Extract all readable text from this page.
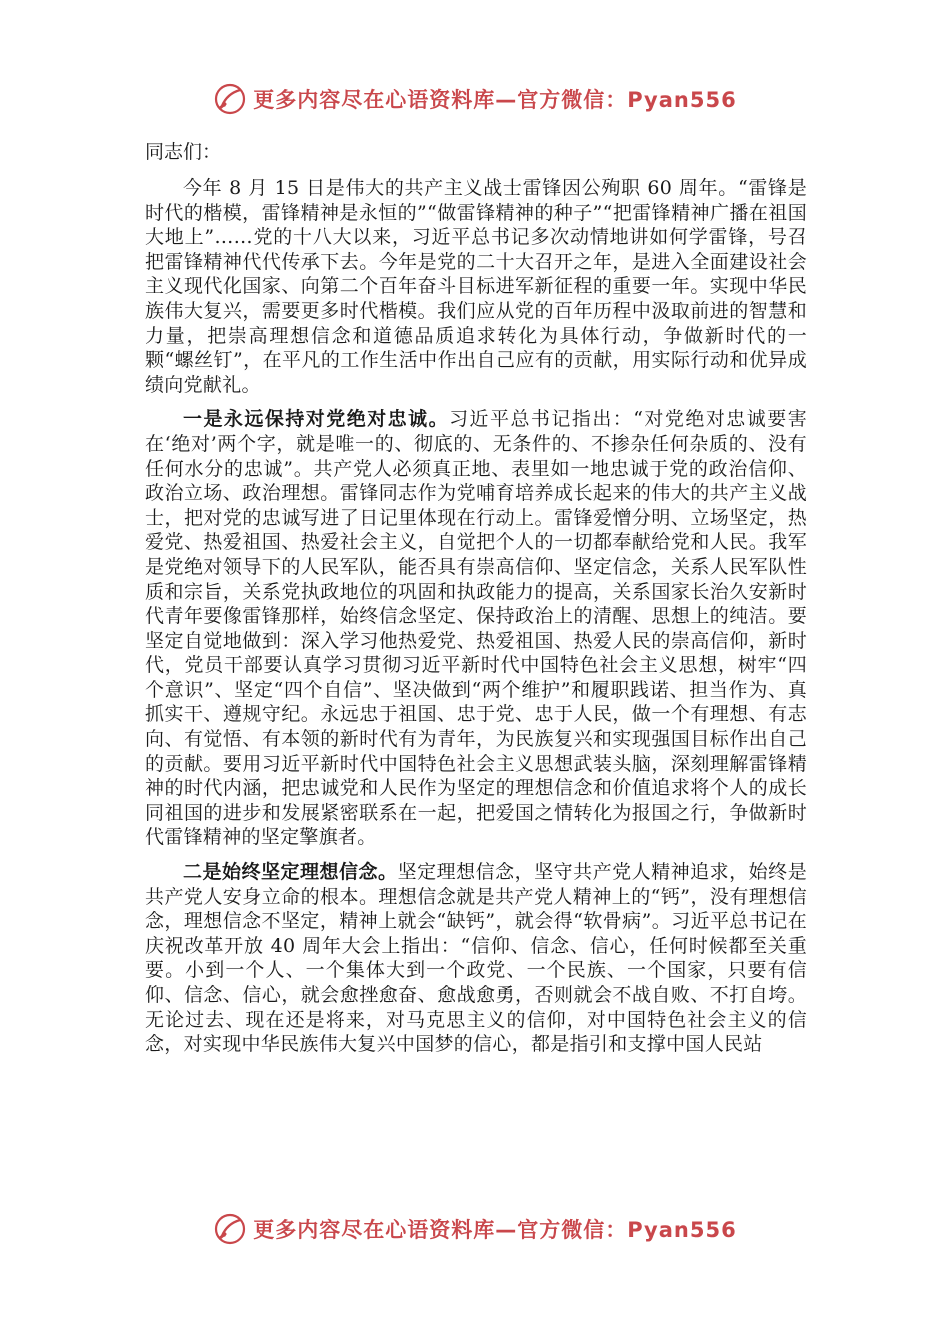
更多内容尽在心语资料库—官方微信：Pyan556
同志们：

今年 8 月 15 日是伟大的共产主义战士雷锋因公殉职 60 周年。“雷锋是时代的楷模，雷锋精神是永恒的”“做雷锋精神的种子”“把雷锋精神广播在祖国大地上”……党的十八大以来，习近平总书记多次动情地讲如何学雷锋，号召把雷锋精神代代传承下去。今年是党的二十大召开之年，是进入全面建设社会主义现代化国家、向第二个百年奋斗目标进军新征程的重要一年。实现中华民族伟大复兴，需要更多时代楷模。我们应从党的百年历程中汲取前进的智慧和力量，把崇高理想信念和道德品质追求转化为具体行动，争做新时代的一颗“螺丝钉”，在平凡的工作生活中作出自己应有的贡献，用实际行动和优异成绩向党献礼。

一是永远保持对党绝对忠诚。习近平总书记指出：“对党绝对忠诚要害在‘绝对’两个字，就是唯一的、彻底的、无条件的、不掺杂任何杂质的、没有任何水分的忠诚”。共产党人必须真正地、表里如一地忠诚于党的政治信仰、政治立场、政治理想。雷锋同志作为党哺育培养成长起来的伟大的共产主义战士，把对党的忠诚写进了日记里体现在行动上。雷锋爱憎分明、立场坚定，热爱党、热爱祖国、热爱社会主义，自觉把个人的一切都奉献给党和人民。我军是党绝对领导下的人民军队，能否具有崇高信仰、坚定信念，关系人民军队性质和宗旨，关系党执政地位的巩固和执政能力的提高，关系国家长治久安新时代青年要像雷锋那样，始终信念坚定、保持政治上的清醒、思想上的纯洁。要坚定自觉地做到：深入学习他热爱党、热爱祖国、热爱人民的崇高信仰，新时代，党员干部要认真学习贯彻习近平新时代中国特色社会主义思想，树牢“四个意识”、坚定“四个自信”、坚决做到“两个维护”和履职践诺、担当作为、真抓实干、遵规守纪。永远忠于祖国、忠于党、忠于人民，做一个有理想、有志向、有觉悟、有本领的新时代有为青年，为民族复兴和实现强国目标作出自己的贡献。要用习近平新时代中国特色社会主义思想武装头脑，深刻理解雷锋精神的时代内涵，把忠诚党和人民作为坚定的理想信念和价值追求将个人的成长同祖国的进步和发展紧密联系在一起，把爱国之情转化为报国之行，争做新时代雷锋精神的坚定擎旗者。

二是始终坚定理想信念。坚定理想信念，坚守共产党人精神追求，始终是共产党人安身立命的根本。理想信念就是共产党人精神上的“钙”，没有理想信念，理想信念不坚定，精神上就会“缺钙”，就会得“软骨病”。习近平总书记在庆祝改革开放 40 周年大会上指出：“信仰、信念、信心，任何时候都至关重要。小到一个人、一个集体大到一个政党、一个民族、一个国家，只要有信仰、信念、信心，就会愈挫愈奋、愈战愈勇，否则就会不战自败、不打自垮。无论过去、现在还是将来，对马克思主义的信仰，对中国特色社会主义的信念，对实现中华民族伟大复兴中国梦的信心，都是指引和支撑中国人民站

更多内容尽在心语资料库—官方微信：Pyan556
